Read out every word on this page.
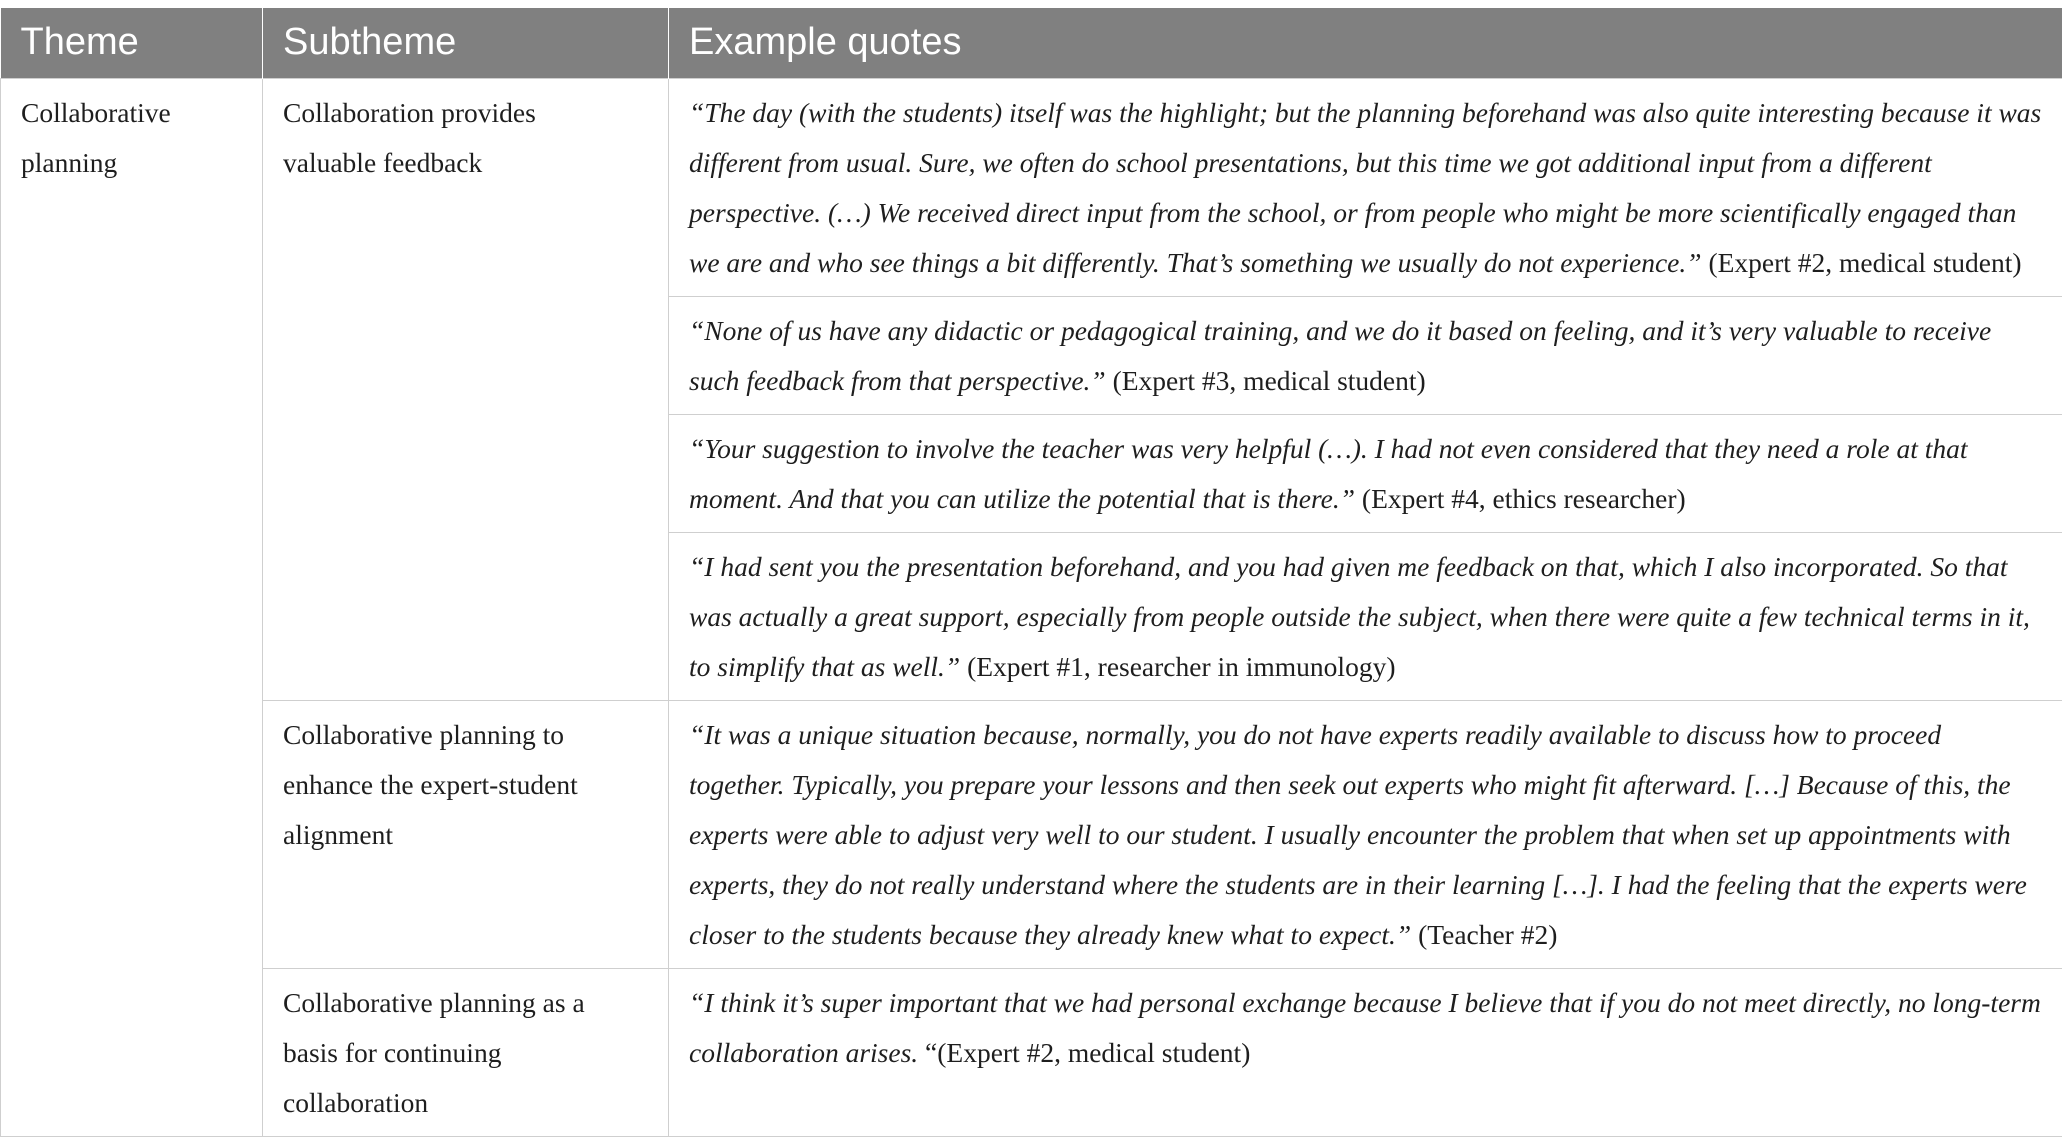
Theme	Subtheme	Example quotes
Collaborative planning	Collaboration provides valuable feedback	“The day (with the students) itself was the highlight; but the planning beforehand was also quite interesting because it was different from usual. Sure, we often do school presentations, but this time we got additional input from a different perspective. (…) We received direct input from the school, or from people who might be more scientifically engaged than we are and who see things a bit differently. That’s something we usually do not experience.” (Expert #2, medical student)
		“None of us have any didactic or pedagogical training, and we do it based on feeling, and it’s very valuable to receive such feedback from that perspective.” (Expert #3, medical student)
		“Your suggestion to involve the teacher was very helpful (…). I had not even considered that they need a role at that moment. And that you can utilize the potential that is there.” (Expert #4, ethics researcher)
		“I had sent you the presentation beforehand, and you had given me feedback on that, which I also incorporated. So that was actually a great support, especially from people outside the subject, when there were quite a few technical terms in it, to simplify that as well.” (Expert #1, researcher in immunology)
	Collaborative planning to enhance the expert-student alignment	“It was a unique situation because, normally, you do not have experts readily available to discuss how to proceed together. Typically, you prepare your lessons and then seek out experts who might fit afterward. […] Because of this, the experts were able to adjust very well to our student. I usually encounter the problem that when set up appointments with experts, they do not really understand where the students are in their learning […]. I had the feeling that the experts were closer to the students because they already knew what to expect.” (Teacher #2)
	Collaborative planning as a basis for continuing collaboration	“I think it’s super important that we had personal exchange because I believe that if you do not meet directly, no long-term collaboration arises. “(Expert #2, medical student)
